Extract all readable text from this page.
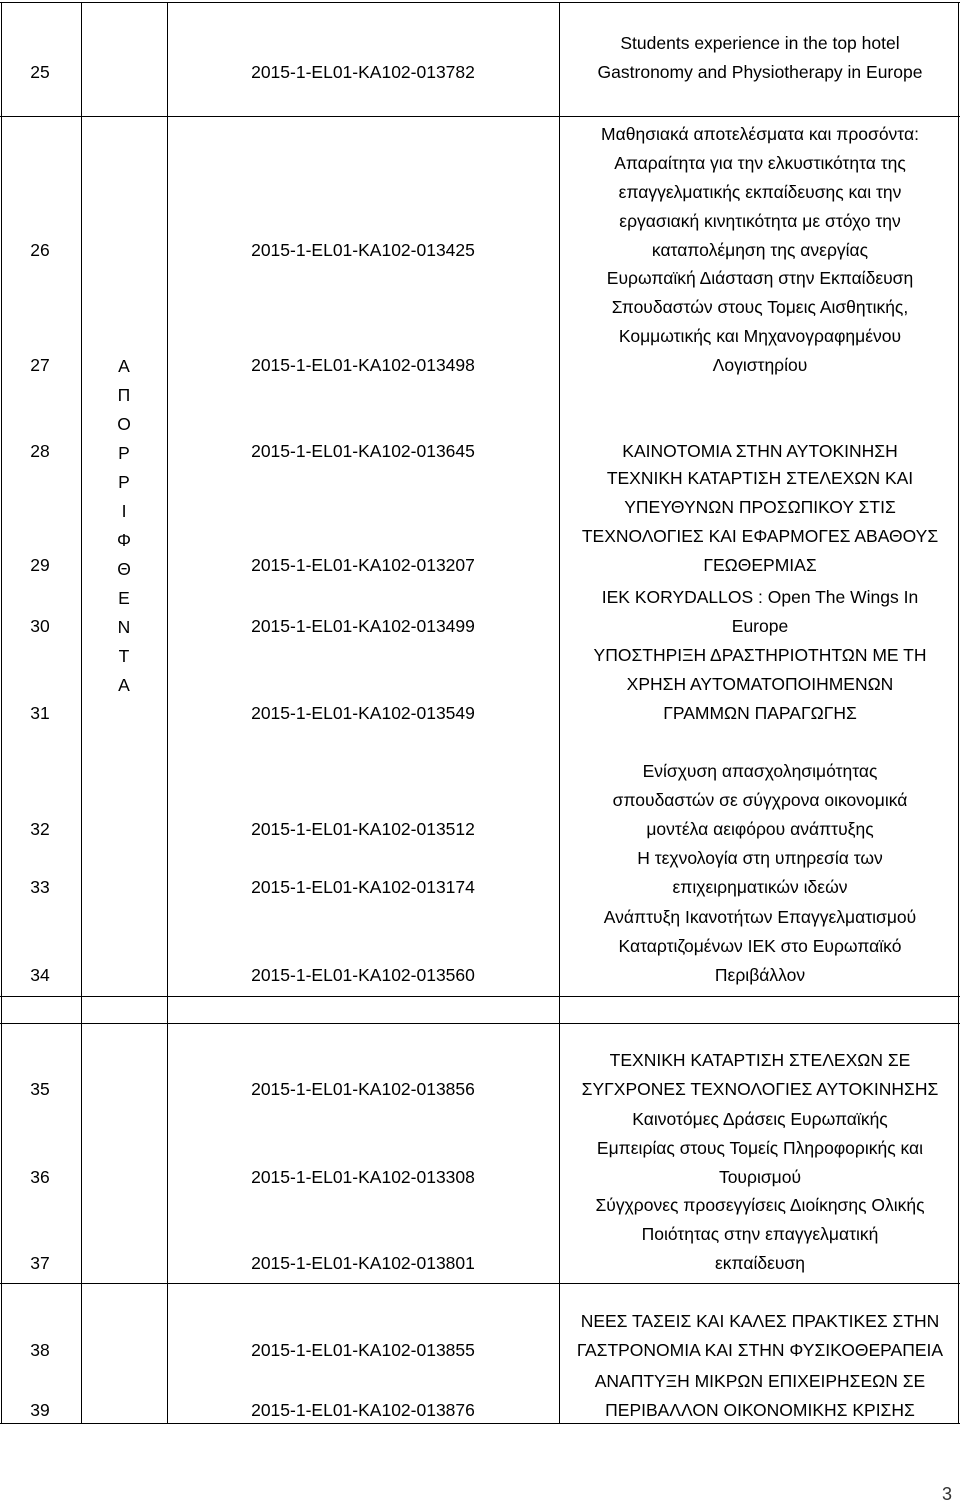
25	2015-1-EL01-KA102-013782
Students experience in the top hotel
Gastronomy and Physiotherapy in Europe
26	2015-1-EL01-KA102-013425
Μαθησιακά αποτελέσματα και προσόντα:
Απαραίτητα για την ελκυστικότητα της
επαγγελματικής εκπαίδευσης και την
εργασιακή κινητικότητα με στόχο την
καταπολέμηση της ανεργίας
27	2015-1-EL01-KA102-013498
Ευρωπαϊκή Διάσταση στην Εκπαίδευση
Σπουδαστών στους Τομεις Αισθητικής,
Κομμωτικής και Μηχανογραφημένου
Λογιστηρίου
28	2015-1-EL01-KA102-013645	ΚΑΙΝΟΤΟΜΙΑ ΣΤΗΝ ΑΥΤΟΚΙΝΗΣΗ
29	2015-1-EL01-KA102-013207
ΤΕΧΝΙΚΗ ΚΑΤΑΡΤΙΣΗ ΣΤΕΛΕΧΩΝ ΚΑΙ
ΥΠΕΥΘΥΝΩΝ ΠΡΟΣΩΠΙΚΟΥ ΣΤΙΣ
ΤΕΧΝΟΛΟΓΙΕΣ ΚΑΙ ΕΦΑΡΜΟΓΕΣ ΑΒΑΘΟΥΣ
ΓΕΩΘΕΡΜΙΑΣ
30	2015-1-EL01-KA102-013499
IEK KORYDALLOS : Open The Wings In
Europe
31	2015-1-EL01-KA102-013549
ΥΠΟΣΤΗΡΙΞΗ ΔΡΑΣΤΗΡΙΟΤΗΤΩΝ ΜΕ ΤΗ
ΧΡΗΣΗ ΑΥΤΟΜΑΤΟΠΟΙΗΜΕΝΩΝ
ΓΡΑΜΜΩΝ ΠΑΡΑΓΩΓΗΣ
32	2015-1-EL01-KA102-013512
Ενίσχυση απασχολησιμότητας
σπουδαστών σε σύγχρονα οικονομικά
μοντέλα αειφόρου ανάπτυξης
33	2015-1-EL01-KA102-013174
Η τεχνολογία στη υπηρεσία των
επιχειρηματικών ιδεών
34	2015-1-EL01-KA102-013560
Ανάπτυξη Ικανοτήτων Επαγγελματισμού
Καταρτιζομένων ΙΕΚ στο Ευρωπαϊκό
Περιβάλλον
35	2015-1-EL01-KA102-013856
ΤΕΧΝΙΚΗ ΚΑΤΑΡΤΙΣΗ ΣΤΕΛΕΧΩΝ ΣΕ
ΣΥΓΧΡΟΝΕΣ ΤΕΧΝΟΛΟΓΙΕΣ ΑΥΤΟΚΙΝΗΣΗΣ
36	2015-1-EL01-KA102-013308
Καινοτόμες Δράσεις Ευρωπαϊκής
Εμπειρίας στους Τομείς Πληροφορικής και
Τουρισμού
37	2015-1-EL01-KA102-013801
Σύγχρονες προσεγγίσεις Διοίκησης Ολικής
Ποιότητας στην επαγγελματική
εκπαίδευση
38	2015-1-EL01-KA102-013855
ΝΕΕΣ ΤΑΣΕΙΣ ΚΑΙ ΚΑΛΕΣ ΠΡΑΚΤΙΚΕΣ ΣΤΗΝ
ΓΑΣΤΡΟΝΟΜΙΑ ΚΑΙ ΣΤΗΝ ΦΥΣΙΚΟΘΕΡΑΠΕΙΑ
39	2015-1-EL01-KA102-013876
ΑΝΑΠΤΥΞΗ ΜΙΚΡΩΝ ΕΠΙΧΕΙΡΗΣΕΩΝ ΣΕ
ΠΕΡΙΒΑΛΛΟΝ ΟΙΚΟΝΟΜΙΚΗΣ ΚΡΙΣΗΣ
Α
Π
Ο
Ρ
Ρ
Ι
Φ
Θ
Ε
Ν
Τ
Α
3
